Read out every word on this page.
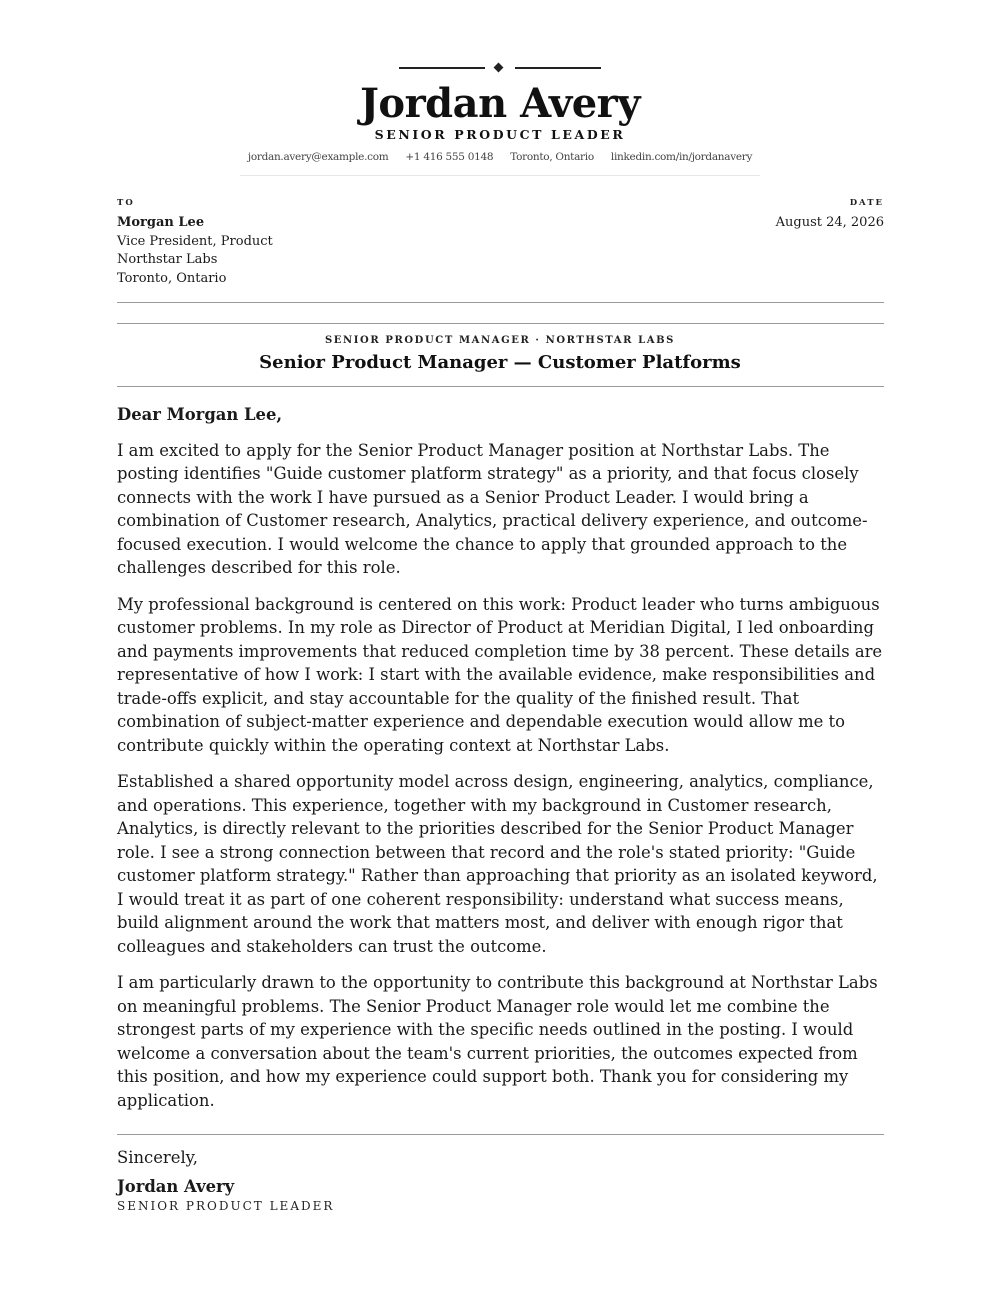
Jordan Avery
SENIOR PRODUCT LEADER
jordan.avery@example.com +1 416 555 0148 Toronto, Ontario linkedin.com/in/jordanavery
TO
Morgan Lee
Vice President, Product
Northstar Labs
Toronto, Ontario
DATE
August 24, 2026
SENIOR PRODUCT MANAGER · NORTHSTAR LABS
Senior Product Manager — Customer Platforms
Dear Morgan Lee,

I am excited to apply for the Senior Product Manager position at Northstar Labs. The posting identifies "Guide customer platform strategy" as a priority, and that focus closely connects with the work I have pursued as a Senior Product Leader. I would bring a combination of Customer research, Analytics, practical delivery experience, and outcome-focused execution. I would welcome the chance to apply that grounded approach to the challenges described for this role.

My professional background is centered on this work: Product leader who turns ambiguous customer problems. In my role as Director of Product at Meridian Digital, I led onboarding and payments improvements that reduced completion time by 38 percent. These details are representative of how I work: I start with the available evidence, make responsibilities and trade-offs explicit, and stay accountable for the quality of the finished result. That combination of subject-matter experience and dependable execution would allow me to contribute quickly within the operating context at Northstar Labs.

Established a shared opportunity model across design, engineering, analytics, compliance, and operations. This experience, together with my background in Customer research, Analytics, is directly relevant to the priorities described for the Senior Product Manager role. I see a strong connection between that record and the role's stated priority: "Guide customer platform strategy." Rather than approaching that priority as an isolated keyword, I would treat it as part of one coherent responsibility: understand what success means, build alignment around the work that matters most, and deliver with enough rigor that colleagues and stakeholders can trust the outcome.

I am particularly drawn to the opportunity to contribute this background at Northstar Labs on meaningful problems. The Senior Product Manager role would let me combine the strongest parts of my experience with the specific needs outlined in the posting. I would welcome a conversation about the team's current priorities, the outcomes expected from this position, and how my experience could support both. Thank you for considering my application.

Sincerely,
Jordan Avery
SENIOR PRODUCT LEADER
